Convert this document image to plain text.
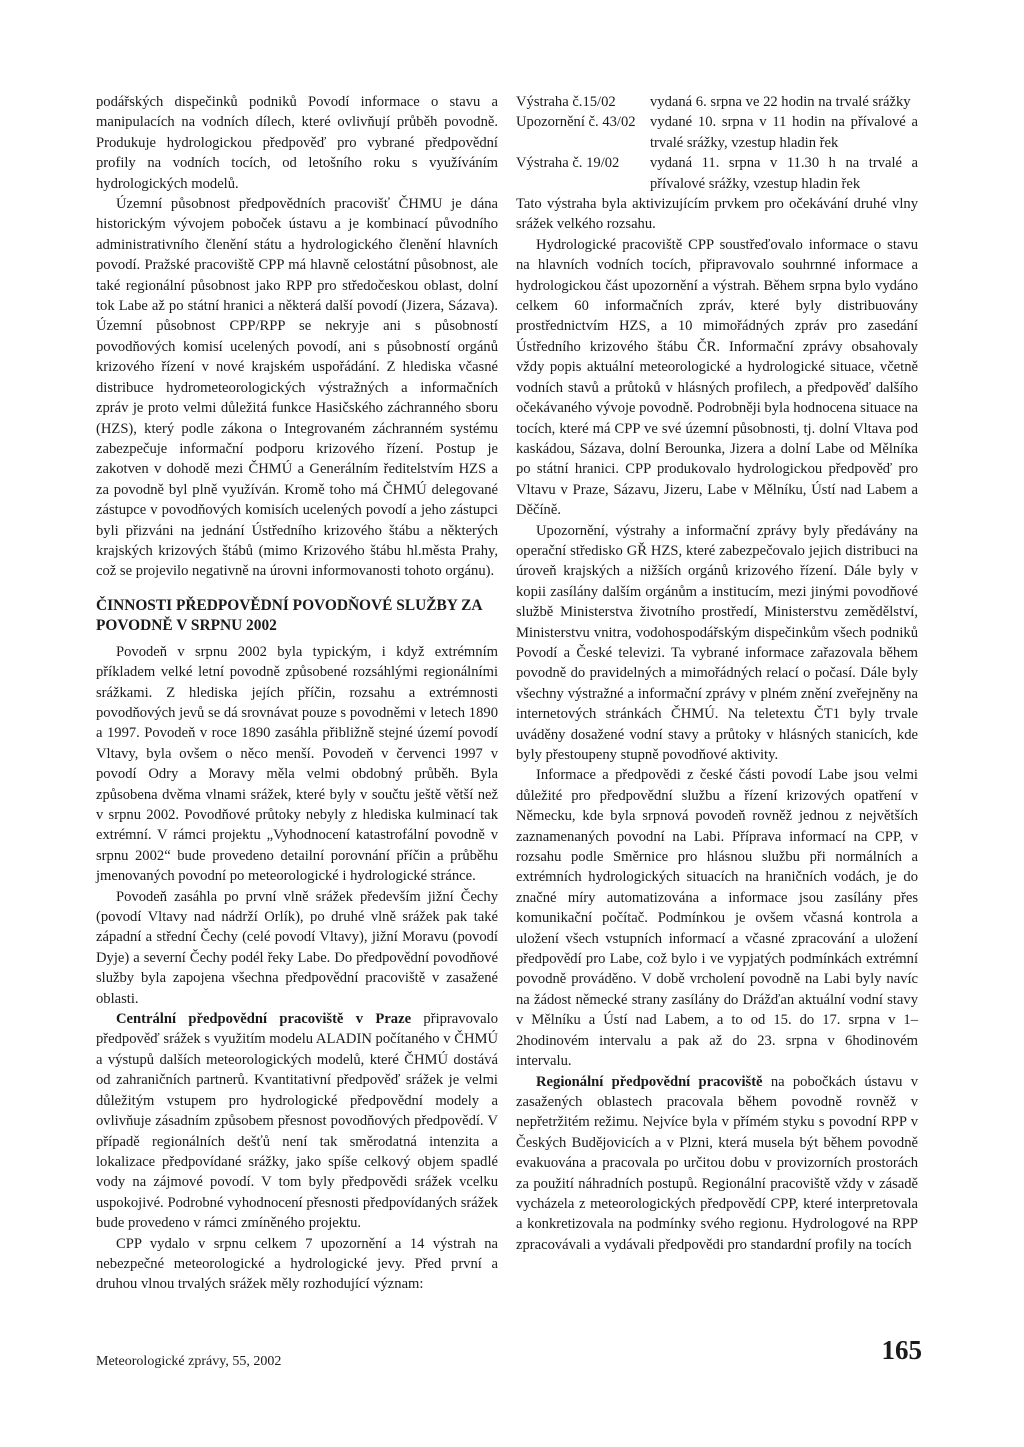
podářských dispečinků podniků Povodí informace o stavu a manipulacích na vodních dílech, které ovlivňují průběh povodně. Produkuje hydrologickou předpověď pro vybrané předpovědní profily na vodních tocích, od letošního roku s využíváním hydrologických modelů.

Územní působnost předpovědních pracovišť ČHMU je dána historickým vývojem poboček ústavu a je kombinací původního administrativního členění státu a hydrologického členění hlavních povodí. Pražské pracoviště CPP má hlavně celostátní působnost, ale také regionální působnost jako RPP pro středočeskou oblast, dolní tok Labe až po státní hranici a některá další povodí (Jizera, Sázava). Územní působnost CPP/RPP se nekryje ani s působností povodňových komisí ucelených povodí, ani s působností orgánů krizového řízení v nové krajském uspořádání. Z hlediska včasné distribuce hydrometeorologických výstražných a informačních zpráv je proto velmi důležitá funkce Hasičského záchranného sboru (HZS), který podle zákona o Integrovaném záchranném systému zabezpečuje informační podporu krizového řízení. Postup je zakotven v dohodě mezi ČHMÚ a Generálním ředitelstvím HZS a za povodně byl plně využíván. Kromě toho má ČHMÚ delegované zástupce v povodňových komisích ucelených povodí a jeho zástupci byli přizváni na jednání Ústředního krizového štábu a některých krajských krizových štábů (mimo Krizového štábu hl.města Prahy, což se projevilo negativně na úrovni informovanosti tohoto orgánu).

ČINNOSTI PŘEDPOVĚDNÍ POVODŇOVÉ SLUŽBY ZA POVODNĚ V SRPNU 2002

Povodeň v srpnu 2002 byla typickým, i když extrémním příkladem velké letní povodně způsobené rozsáhlými regionálními srážkami. Z hlediska jejích příčin, rozsahu a extrémnosti povodňových jevů se dá srovnávat pouze s povodněmi v letech 1890 a 1997. Povodeň v roce 1890 zasáhla přibližně stejné území povodí Vltavy, byla ovšem o něco menší. Povodeň v červenci 1997 v povodí Odry a Moravy měla velmi obdobný průběh. Byla způsobena dvěma vlnami srážek, které byly v součtu ještě větší než v srpnu 2002. Povodňové průtoky nebyly z hlediska kulminací tak extrémní. V rámci projektu „Vyhodnocení katastrofální povodně v srpnu 2002“ bude provedeno detailní porovnání příčin a průběhu jmenovaných povodní po meteorologické i hydrologické stránce.

Povodeň zasáhla po první vlně srážek především jižní Čechy (povodí Vltavy nad nádrží Orlík), po druhé vlně srážek pak také západní a střední Čechy (celé povodí Vltavy), jižní Moravu (povodí Dyje) a severní Čechy podél řeky Labe. Do předpovědní povodňové služby byla zapojena všechna předpovědní pracoviště v zasažené oblasti.

Centrální předpovědní pracoviště v Praze připravovalo předpověď srážek s využitím modelu ALADIN počítaného v ČHMÚ a výstupů dalších meteorologických modelů, které ČHMÚ dostává od zahraničních partnerů. Kvantitativní předpověď srážek je velmi důležitým vstupem pro hydrologické předpovědní modely a ovlivňuje zásadním způsobem přesnost povodňových předpovědí. V případě regionálních dešťů není tak směrodatná intenzita a lokalizace předpovídané srážky, jako spíše celkový objem spadlé vody na zájmové povodí. V tom byly předpovědi srážek vcelku uspokojivé. Podrobné vyhodnocení přesnosti předpovídaných srážek bude provedeno v rámci zmíněného projektu.

CPP vydalo v srpnu celkem 7 upozornění a 14 výstrah na nebezpečné meteorologické a hydrologické jevy. Před první a druhou vlnou trvalých srážek měly rozhodující význam:

Výstraha č.15/02	vydaná 6. srpna ve 22 hodin na trvalé srážky
Upozornění č. 43/02 vydané 10. srpna v 11 hodin na přívalové a trvalé srážky, vzestup hladin řek
Výstraha č. 19/02	vydaná 11. srpna v 11.30 h na trvalé a přívalové srážky, vzestup hladin řek

Tato výstraha byla aktivizujícím prvkem pro očekávání druhé vlny srážek velkého rozsahu.

Hydrologické pracoviště CPP soustřeďovalo informace o stavu na hlavních vodních tocích, připravovalo souhrnné informace a hydrologickou část upozornění a výstrah. Během srpna bylo vydáno celkem 60 informačních zpráv, které byly distribuovány prostřednictvím HZS, a 10 mimořádných zpráv pro zasedání Ústředního krizového štábu ČR. Informační zprávy obsahovaly vždy popis aktuální meteorologické a hydrologické situace, včetně vodních stavů a průtoků v hlásných profilech, a předpověď dalšího očekávaného vývoje povodně. Podrobněji byla hodnocena situace na tocích, které má CPP ve své územní působnosti, tj. dolní Vltava pod kaskádou, Sázava, dolní Berounka, Jizera a dolní Labe od Mělníka po státní hranici. CPP produkovalo hydrologickou předpověď pro Vltavu v Praze, Sázavu, Jizeru, Labe v Mělníku, Ústí nad Labem a Děčíně.

Upozornění, výstrahy a informační zprávy byly předávány na operační středisko GŘ HZS, které zabezpečovalo jejich distribuci na úroveň krajských a nižších orgánů krizového řízení. Dále byly v kopii zasílány dalším orgánům a institucím, mezi jinými povodňové službě Ministerstva životního prostředí, Ministerstvu zemědělství, Ministerstvu vnitra, vodohospodářským dispečinkům všech podniků Povodí a České televizi. Ta vybrané informace zařazovala během povodně do pravidelných a mimořádných relací o počasí. Dále byly všechny výstražné a informační zprávy v plném znění zveřejněny na internetových stránkách ČHMÚ. Na teletextu ČT1 byly trvale uváděny dosažené vodní stavy a průtoky v hlásných stanicích, kde byly přestoupeny stupně povodňové aktivity.

Informace a předpovědi z české části povodí Labe jsou velmi důležité pro předpovědní službu a řízení krizových opatření v Německu, kde byla srpnová povodeň rovněž jednou z největších zaznamenaných povodní na Labi. Příprava informací na CPP, v rozsahu podle Směrnice pro hlásnou službu při normálních a extrémních hydrologických situacích na hraničních vodách, je do značné míry automatizována a informace jsou zasílány přes komunikační počítač. Podmínkou je ovšem včasná kontrola a uložení všech vstupních informací a včasné zpracování a uložení předpovědí pro Labe, což bylo i ve vypjatých podmínkách extrémní povodně prováděno. V době vrcholení povodně na Labi byly navíc na žádost německé strany zasílány do Drážďan aktuální vodní stavy v Mělníku a Ústí nad Labem, a to od 15. do 17. srpna v 1–2hodinovém intervalu a pak až do 23. srpna v 6hodinovém intervalu.

Regionální předpovědní pracoviště na pobočkách ústavu v zasažených oblastech pracovala během povodně rovněž v nepřetržitém režimu. Nejvíce byla v přímém styku s povodní RPP v Českých Budějovicích a v Plzni, která musela být během povodně evakuována a pracovala po určitou dobu v provizorních prostorách za použití náhradních postupů. Regionální pracoviště vždy v zásadě vycházela z meteorologických předpovědí CPP, které interpretovala a konkretizovala na podmínky svého regionu. Hydrologové na RPP zpracovávali a vydávali předpovědi pro standardní profily na tocích

Meteorologické zprávy, 55, 2002	165
